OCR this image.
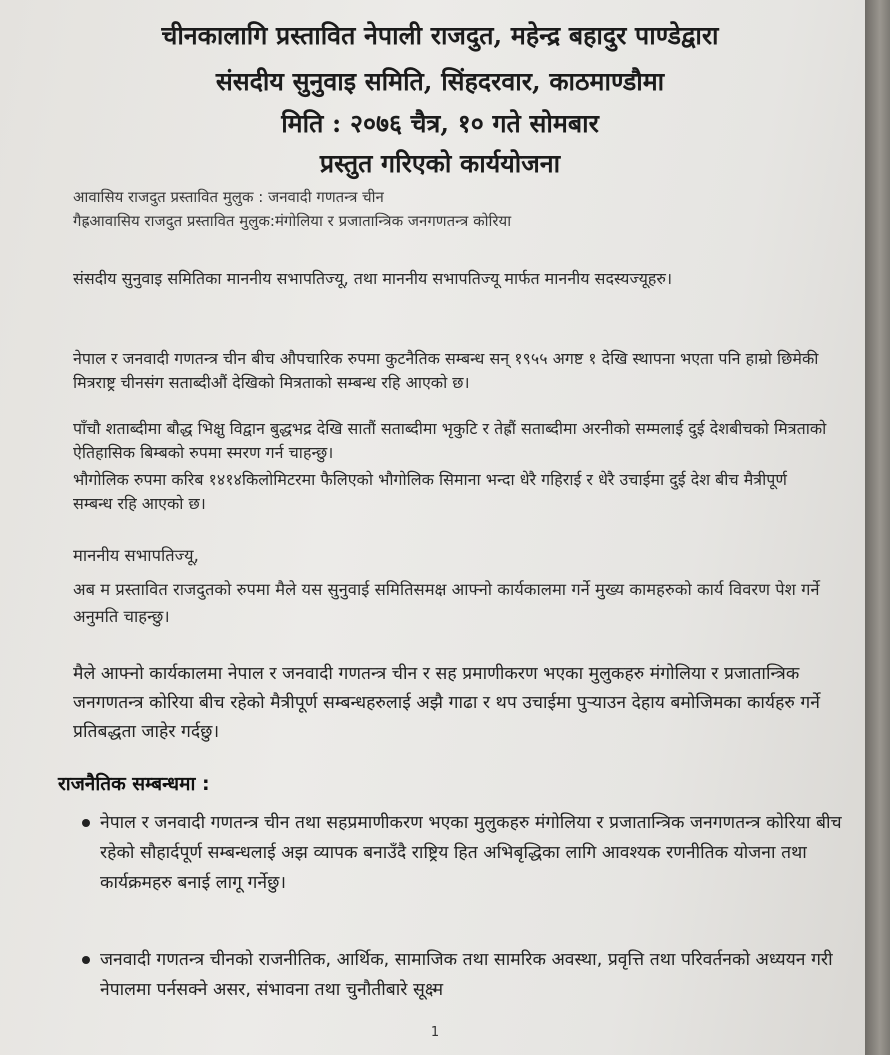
चीनकालागि प्रस्तावित नेपाली राजदुत, महेन्द्र बहादुर पाण्डेद्वारा
संसदीय सुनुवाइ समिति, सिंहदरवार, काठमाण्डौमा
मिति : २०७६ चैत्र, १० गते सोमबार
प्रस्तुत गरिएको कार्ययोजना
आवासिय राजदुत प्रस्तावित मुलुक : जनवादी गणतन्त्र चीन
गैह्रआवासिय राजदुत प्रस्तावित मुलुक:मंगोलिया र प्रजातान्त्रिक जनगणतन्त्र कोरिया
संसदीय सुनुवाइ समितिका माननीय सभापतिज्यू, तथा माननीय सभापतिज्यू मार्फत माननीय सदस्यज्यूहरु।
नेपाल र जनवादी गणतन्त्र चीन बीच औपचारिक रुपमा कुटनैतिक सम्बन्ध सन् १९५५ अगष्ट १ देखि स्थापना भएता पनि हाम्रो छिमेकी मित्रराष्ट्र चीनसंग सताब्दीऔं देखिको मित्रताको सम्बन्ध रहि आएको छ।
पाँचौ शताब्दीमा बौद्ध भिक्षु विद्वान बुद्धभद्र देखि सातौं सताब्दीमा भृकुटि र तेह्रौं सताब्दीमा अरनीको सम्मलाई दुई देशबीचको मित्रताको ऐतिहासिक बिम्बको रुपमा स्मरण गर्न चाहन्छु।
भौगोलिक रुपमा करिब १४१४किलोमिटरमा फैलिएको भौगोलिक सिमाना भन्दा धेरै गहिराई र धेरै उचाईमा दुई देश बीच मैत्रीपूर्ण सम्बन्ध रहि आएको छ।
माननीय सभापतिज्यू,
अब म प्रस्तावित राजदुतको रुपमा मैले यस सुनुवाई समितिसमक्ष आफ्नो कार्यकालमा गर्ने मुख्य कामहरुको कार्य विवरण पेश गर्ने अनुमति चाहन्छु।
मैले आफ्नो कार्यकालमा नेपाल र जनवादी गणतन्त्र चीन र सह प्रमाणीकरण भएका मुलुकहरु मंगोलिया र प्रजातान्त्रिक जनगणतन्त्र कोरिया बीच रहेको मैत्रीपूर्ण सम्बन्धहरुलाई अझै गाढा र थप उचाईमा पुऱ्याउन देहाय बमोजिमका कार्यहरु गर्ने प्रतिबद्धता जाहेर गर्दछु।
राजनैतिक सम्बन्धमा :
नेपाल र जनवादी गणतन्त्र चीन तथा सहप्रमाणीकरण भएका मुलुकहरु मंगोलिया र प्रजातान्त्रिक जनगणतन्त्र कोरिया बीच रहेको सौहार्दपूर्ण सम्बन्धलाई अझ व्यापक बनाउँदै राष्ट्रिय हित अभिबृद्धिका लागि आवश्यक रणनीतिक योजना तथा कार्यक्रमहरु बनाई लागू गर्नेछु।
जनवादी गणतन्त्र चीनको राजनीतिक, आर्थिक, सामाजिक तथा सामरिक अवस्था, प्रवृत्ति तथा परिवर्तनको अध्ययन गरी नेपालमा पर्नसक्ने असर, संभावना तथा चुनौतीबारे सूक्ष्म
1
